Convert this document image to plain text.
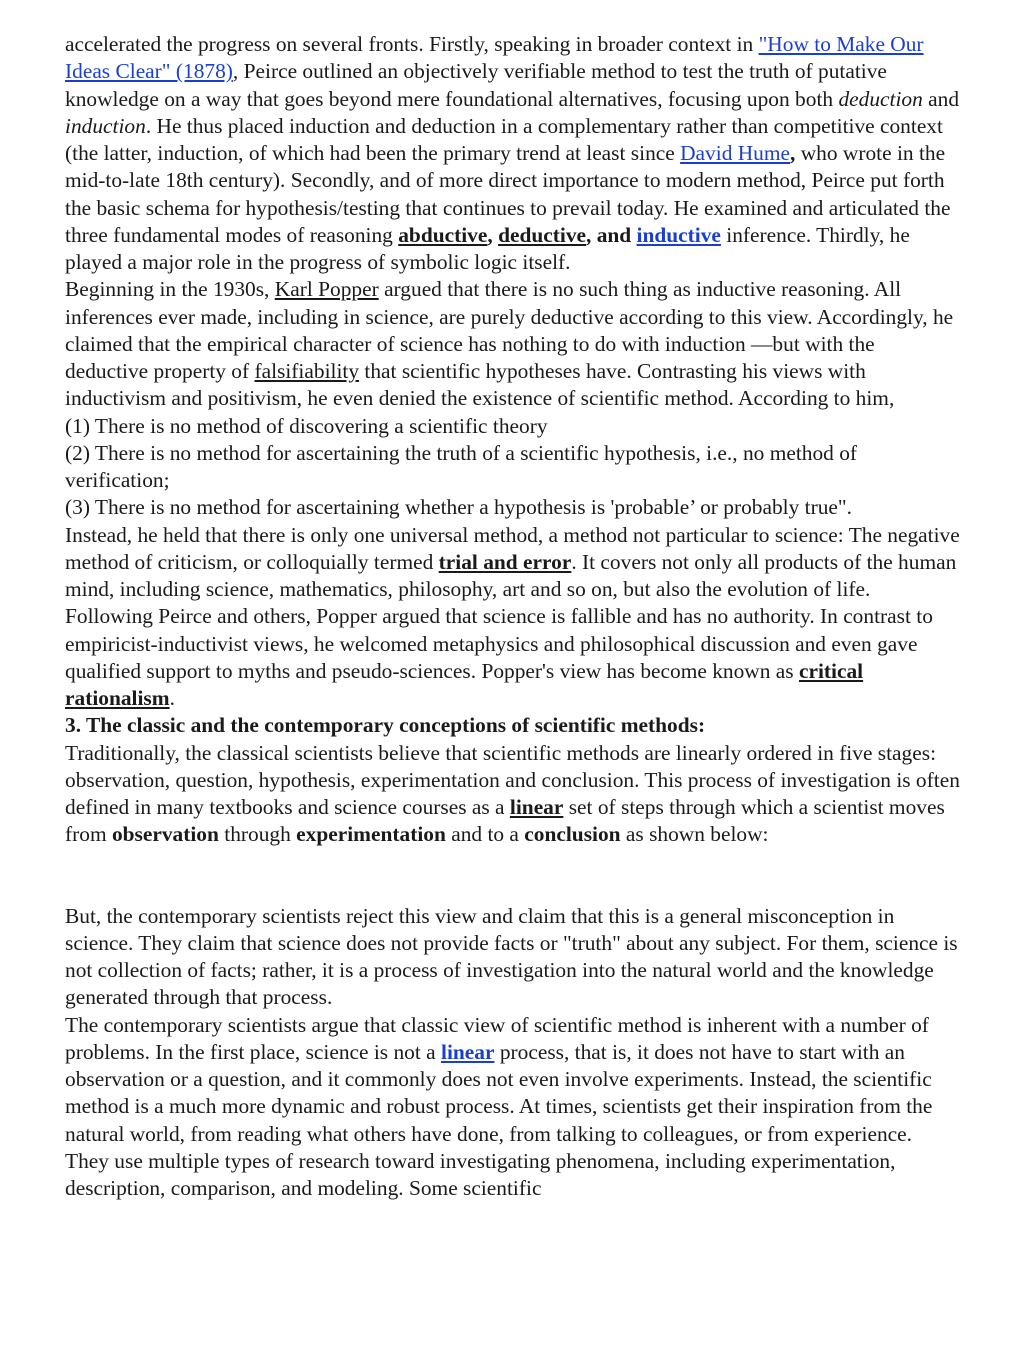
accelerated the progress on several fronts. Firstly, speaking in broader context in "How to Make Our Ideas Clear" (1878), Peirce outlined an objectively verifiable method to test the truth of putative knowledge on a way that goes beyond mere foundational alternatives, focusing upon both deduction and induction. He thus placed induction and deduction in a complementary rather than competitive context (the latter, induction, of which had been the primary trend at least since David Hume, who wrote in the mid-to-late 18th century). Secondly, and of more direct importance to modern method, Peirce put forth the basic schema for hypothesis/testing that continues to prevail today. He examined and articulated the three fundamental modes of reasoning abductive, deductive, and inductive inference. Thirdly, he played a major role in the progress of symbolic logic itself.

Beginning in the 1930s, Karl Popper argued that there is no such thing as inductive reasoning. All inferences ever made, including in science, are purely deductive according to this view. Accordingly, he claimed that the empirical character of science has nothing to do with induction —but with the deductive property of falsifiability that scientific hypotheses have. Contrasting his views with inductivism and positivism, he even denied the existence of scientific method. According to him,

(1) There is no method of discovering a scientific theory

(2) There is no method for ascertaining the truth of a scientific hypothesis, i.e., no method of verification;

(3) There is no method for ascertaining whether a hypothesis is 'probable’ or probably true".

Instead, he held that there is only one universal method, a method not particular to science: The negative method of criticism, or colloquially termed trial and error. It covers not only all products of the human mind, including science, mathematics, philosophy, art and so on, but also the evolution of life.

Following Peirce and others, Popper argued that science is fallible and has no authority. In contrast to empiricist-inductivist views, he welcomed metaphysics and philosophical discussion and even gave qualified support to myths and pseudo-sciences. Popper's view has become known as critical rationalism.

3. The classic and the contemporary conceptions of scientific methods:

Traditionally, the classical scientists believe that scientific methods are linearly ordered in five stages: observation, question, hypothesis, experimentation and conclusion. This process of investigation is often defined in many textbooks and science courses as a linear set of steps through which a scientist moves from observation through experimentation and to a conclusion as shown below:

But, the contemporary scientists reject this view and claim that this is a general misconception in science. They claim that science does not provide facts or "truth" about any subject. For them, science is not collection of facts; rather, it is a process of investigation into the natural world and the knowledge generated through that process.

The contemporary scientists argue that classic view of scientific method is inherent with a number of problems. In the first place, science is not a linear process, that is, it does not have to start with an observation or a question, and it commonly does not even involve experiments. Instead, the scientific method is a much more dynamic and robust process. At times, scientists get their inspiration from the natural world, from reading what others have done, from talking to colleagues, or from experience. They use multiple types of research toward investigating phenomena, including experimentation, description, comparison, and modeling. Some scientific
